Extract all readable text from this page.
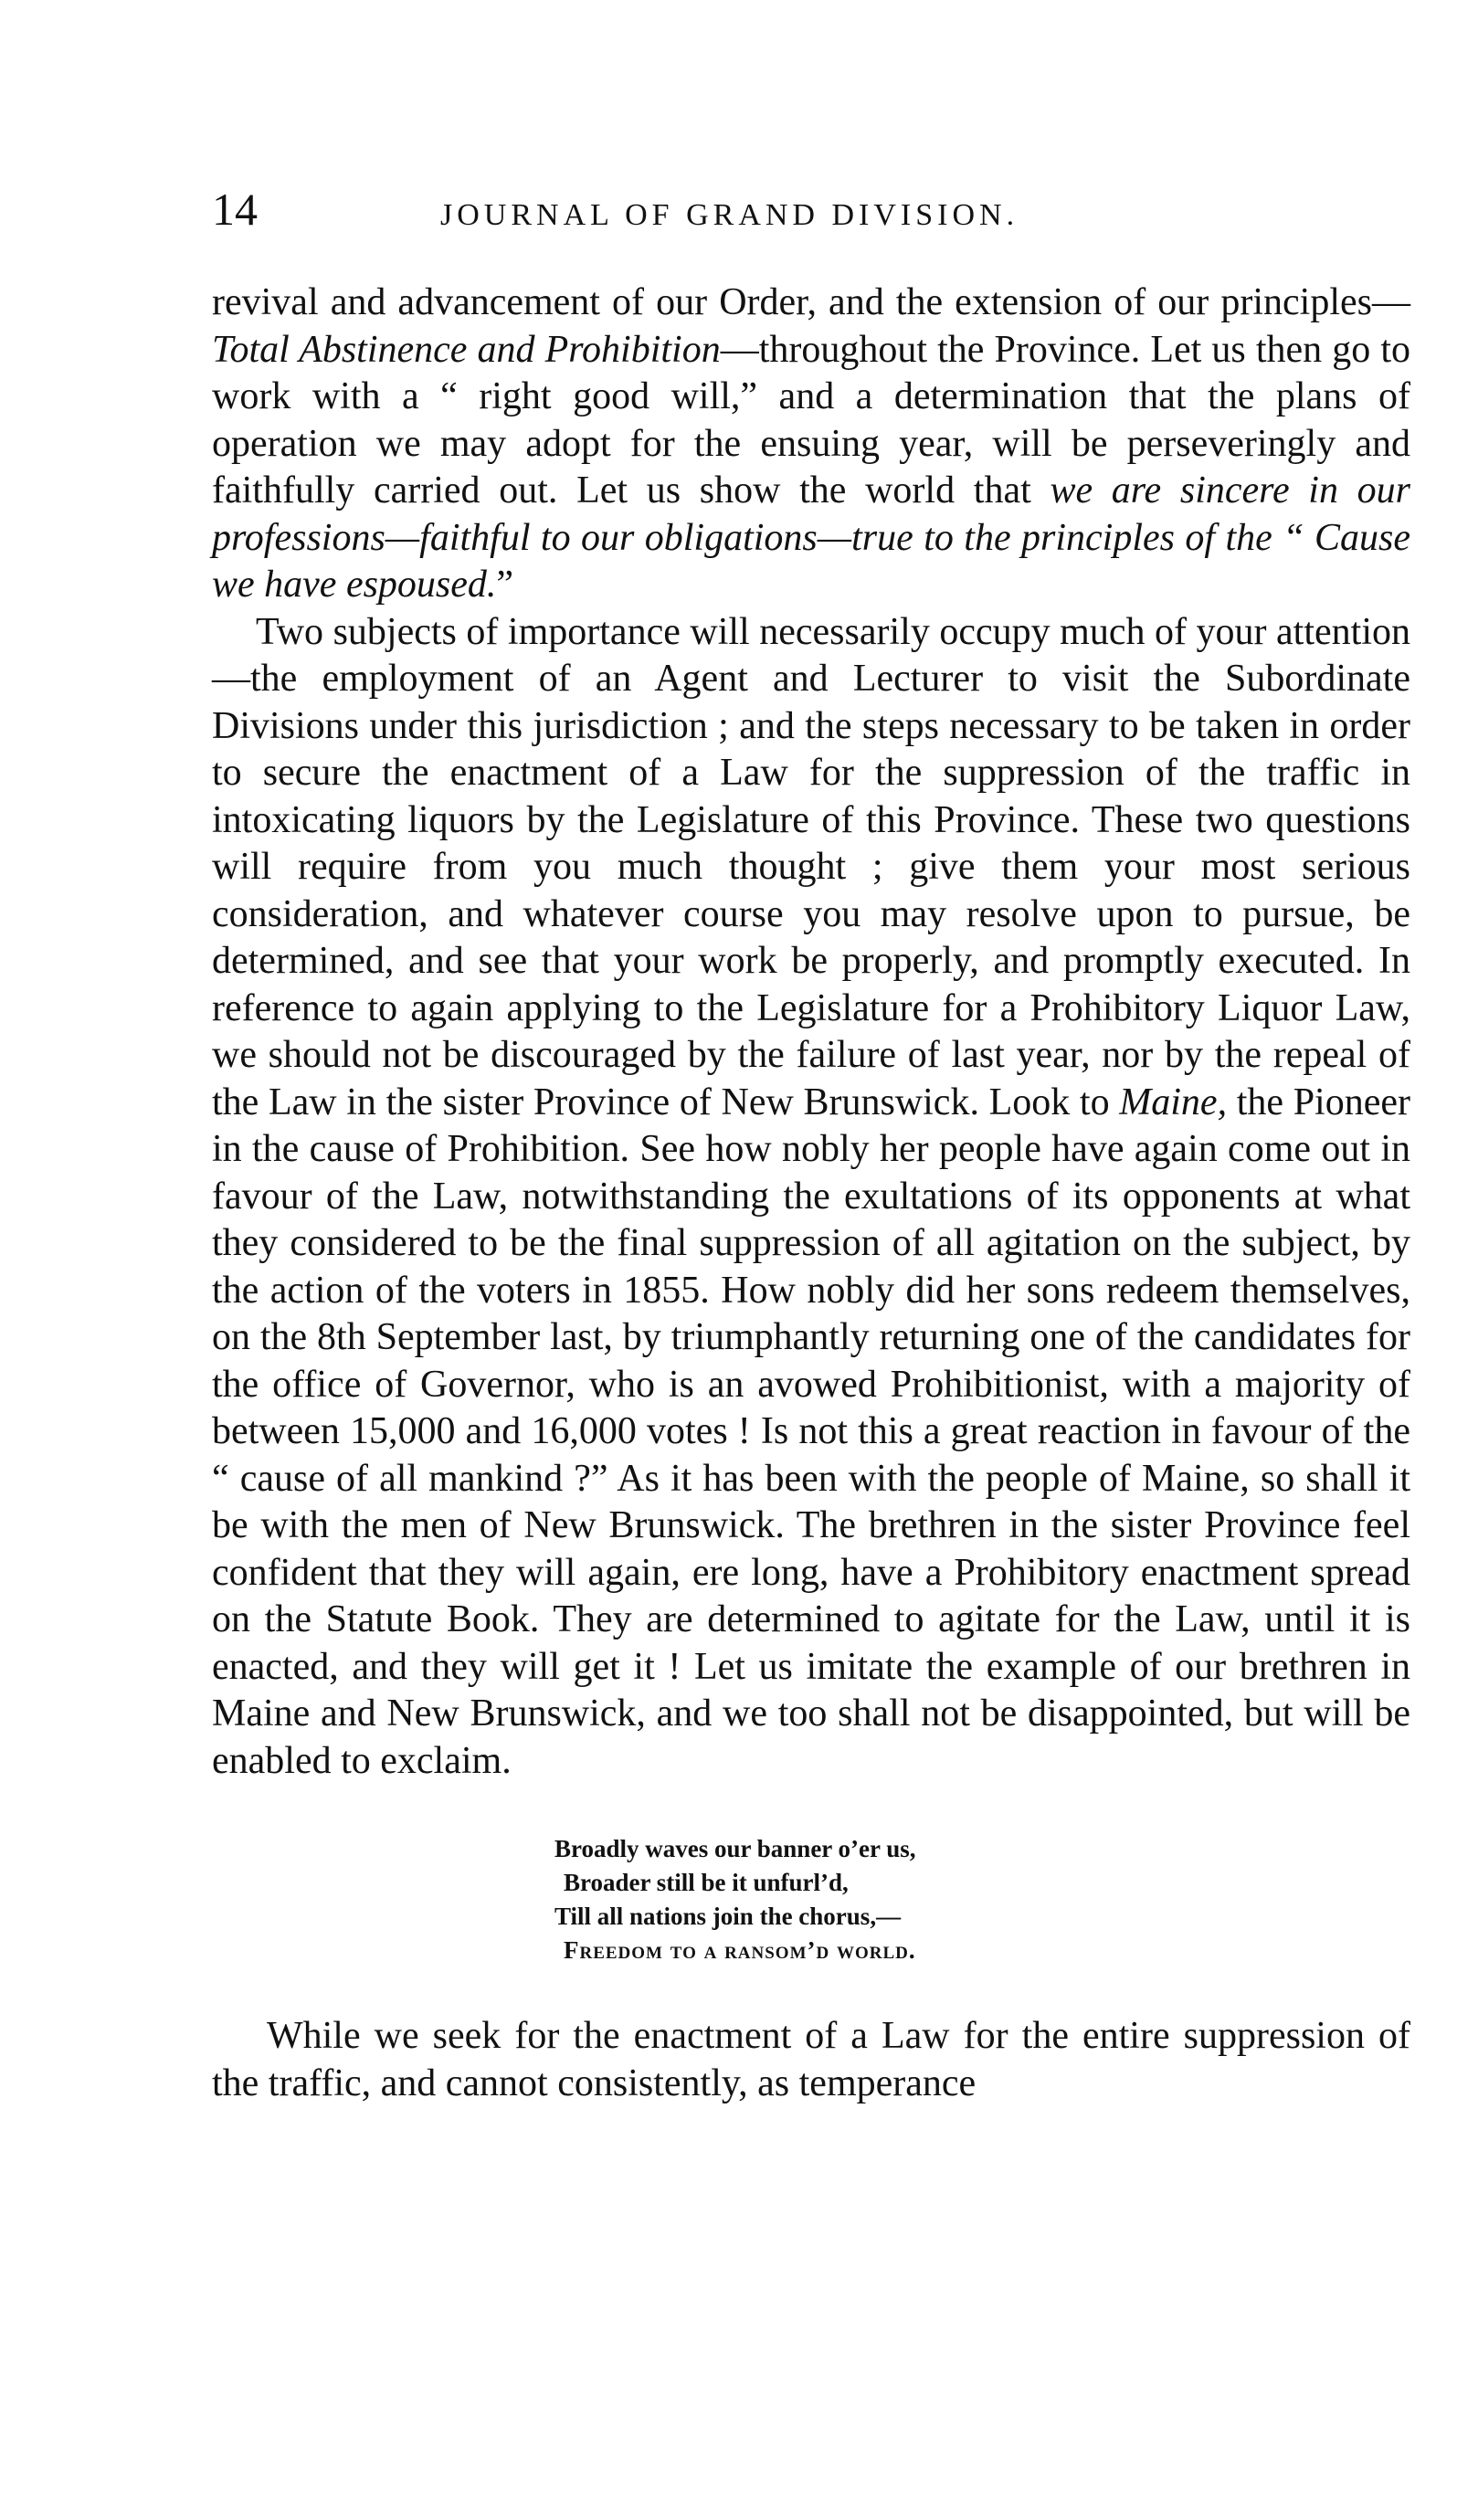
14	JOURNAL OF GRAND DIVISION.

revival and advancement of our Order, and the extension of our principles—Total Abstinence and Prohibition—throughout the Province. Let us then go to work with a “ right good will,” and a determination that the plans of operation we may adopt for the ensuing year, will be perseveringly and faithfully carried out. Let us show the world that we are sincere in our professions—faithful to our obligations—true to the principles of the “ Cause we have espoused.”

Two subjects of importance will necessarily occupy much of your attention—the employment of an Agent and Lecturer to visit the Subordinate Divisions under this jurisdiction ; and the steps necessary to be taken in order to secure the enactment of a Law for the suppression of the traffic in intoxicating liquors by the Legislature of this Province. These two questions will require from you much thought ; give them your most serious consideration, and whatever course you may resolve upon to pursue, be determined, and see that your work be properly, and promptly executed. In reference to again applying to the Legislature for a Prohibitory Liquor Law, we should not be discouraged by the failure of last year, nor by the repeal of the Law in the sister Province of New Brunswick. Look to Maine, the Pioneer in the cause of Prohibition. See how nobly her people have again come out in favour of the Law, notwithstanding the exultations of its opponents at what they considered to be the final suppression of all agitation on the subject, by the action of the voters in 1855. How nobly did her sons redeem themselves, on the 8th September last, by triumphantly returning one of the candidates for the office of Governor, who is an avowed Prohibitionist, with a majority of between 15,000 and 16,000 votes ! Is not this a great reaction in favour of the “ cause of all mankind ?” As it has been with the people of Maine, so shall it be with the men of New Brunswick. The brethren in the sister Province feel confident that they will again, ere long, have a Prohibitory enactment spread on the Statute Book. They are determined to agitate for the Law, until it is enacted, and they will get it ! Let us imitate the example of our brethren in Maine and New Brunswick, and we too shall not be disappointed, but will be enabled to exclaim.

Broadly waves our banner o’er us,
Broader still be it unfurl’d,
Till all nations join the chorus,—
Freedom to a ransom’d world.

While we seek for the enactment of a Law for the entire suppression of the traffic, and cannot consistently, as temperance
